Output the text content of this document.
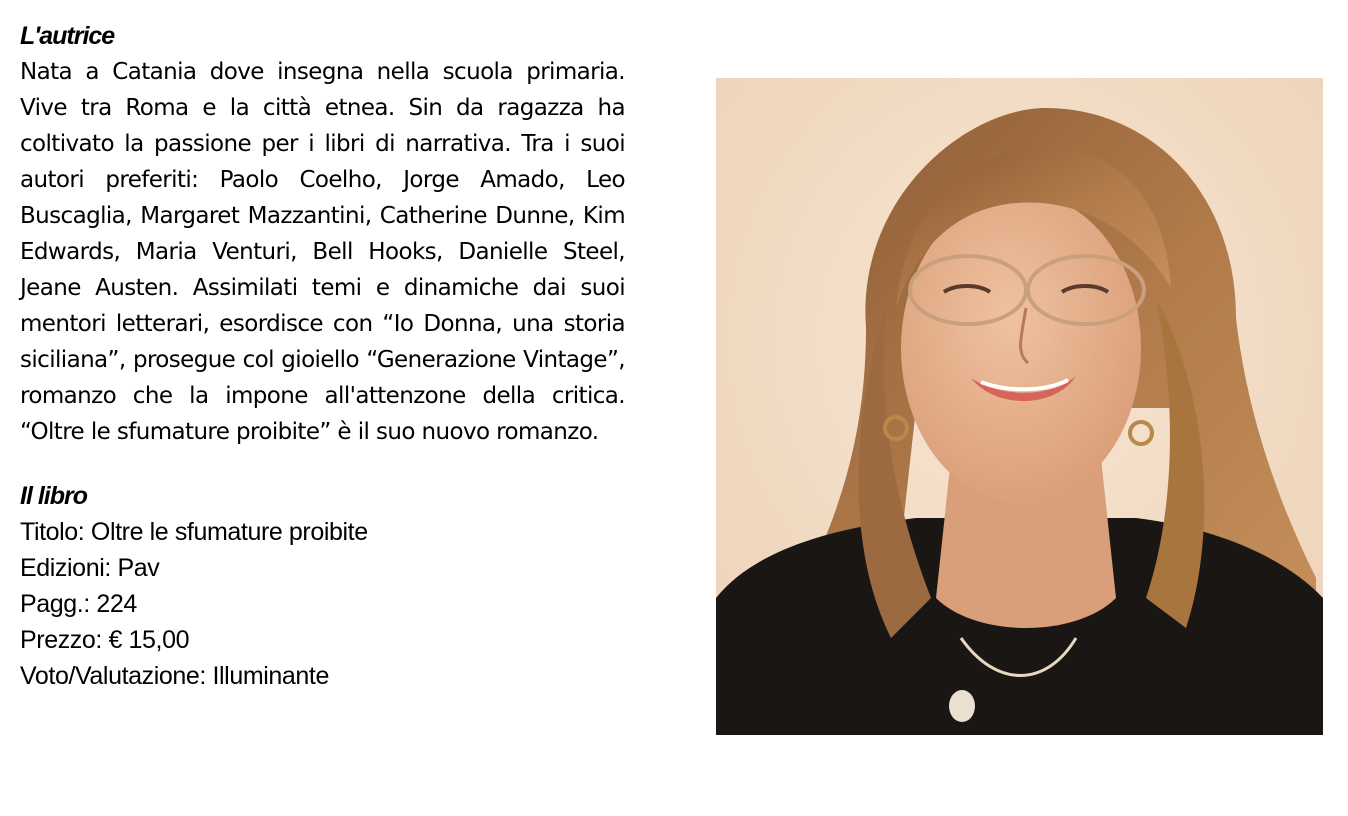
L'autrice

Nata a Catania dove insegna nella scuola primaria. Vive tra Roma e la città etnea. Sin da ragazza ha coltivato la passione per i libri di narrativa. Tra i suoi autori preferiti: Paolo Coelho, Jorge Amado, Leo Buscaglia, Margaret Mazzantini, Catherine Dunne, Kim Edwards, Maria Venturi, Bell Hooks, Danielle Steel, Jeane Austen. Assimilati temi e dinamiche dai suoi mentori letterari, esordisce con “Io Donna, una storia siciliana”, prosegue col gioiello “Generazione Vintage”, romanzo che la impone all'attenzone della critica. “Oltre le sfumature proibite” è il suo nuovo romanzo.

Il libro

Titolo: Oltre le sfumature proibite

Edizioni: Pav

Pagg.: 224

Prezzo: € 15,00

Voto/Valutazione: Illuminante
